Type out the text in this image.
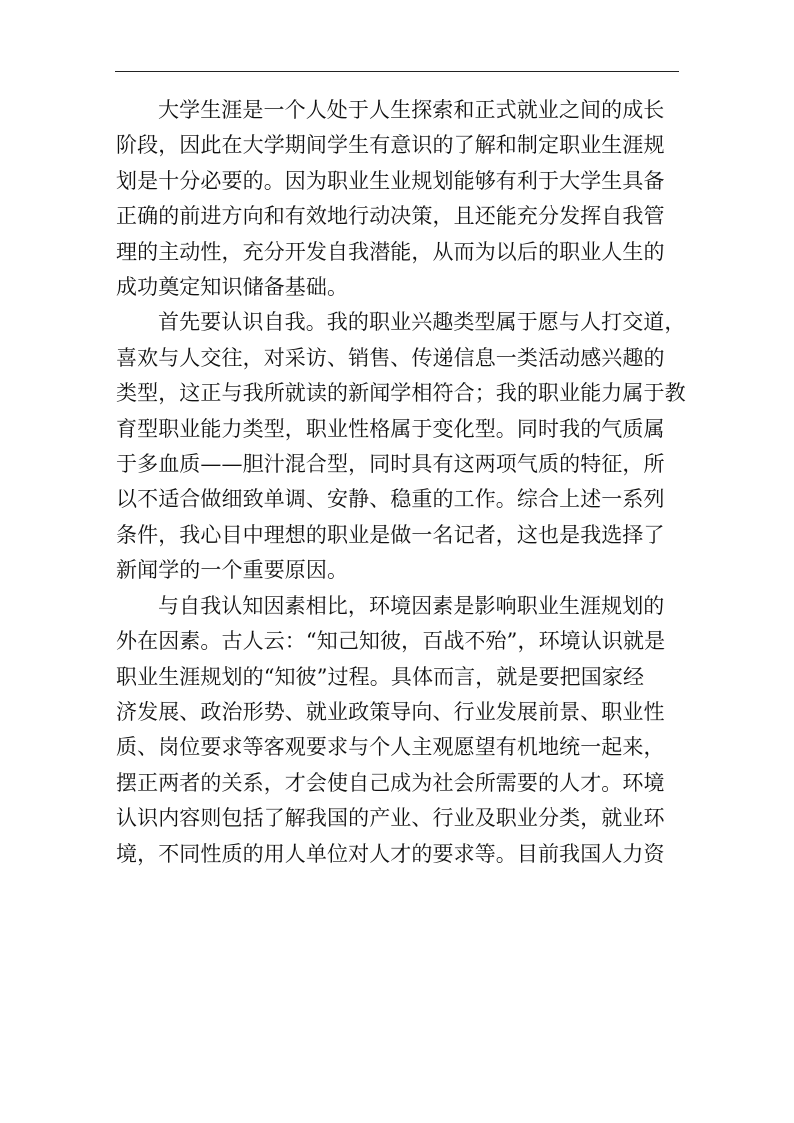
大学生涯是一个人处于人生探索和正式就业之间的成长
阶段，因此在大学期间学生有意识的了解和制定职业生涯规
划是十分必要的。因为职业生业规划能够有利于大学生具备
正确的前进方向和有效地行动决策，且还能充分发挥自我管
理的主动性，充分开发自我潜能，从而为以后的职业人生的
成功奠定知识储备基础。
首先要认识自我。我的职业兴趣类型属于愿与人打交道，
喜欢与人交往，对采访、销售、传递信息一类活动感兴趣的
类型，这正与我所就读的新闻学相符合；我的职业能力属于教
育型职业能力类型，职业性格属于变化型。同时我的气质属
于多血质——胆汁混合型，同时具有这两项气质的特征，所
以不适合做细致单调、安静、稳重的工作。综合上述一系列
条件，我心目中理想的职业是做一名记者，这也是我选择了
新闻学的一个重要原因。
与自我认知因素相比，环境因素是影响职业生涯规划的
外在因素。古人云：“知己知彼，百战不殆”，环境认识就是
职业生涯规划的“知彼”过程。具体而言，就是要把国家经
济发展、政治形势、就业政策导向、行业发展前景、职业性
质、岗位要求等客观要求与个人主观愿望有机地统一起来，
摆正两者的关系，才会使自己成为社会所需要的人才。环境
认识内容则包括了解我国的产业、行业及职业分类，就业环
境，不同性质的用人单位对人才的要求等。目前我国人力资
